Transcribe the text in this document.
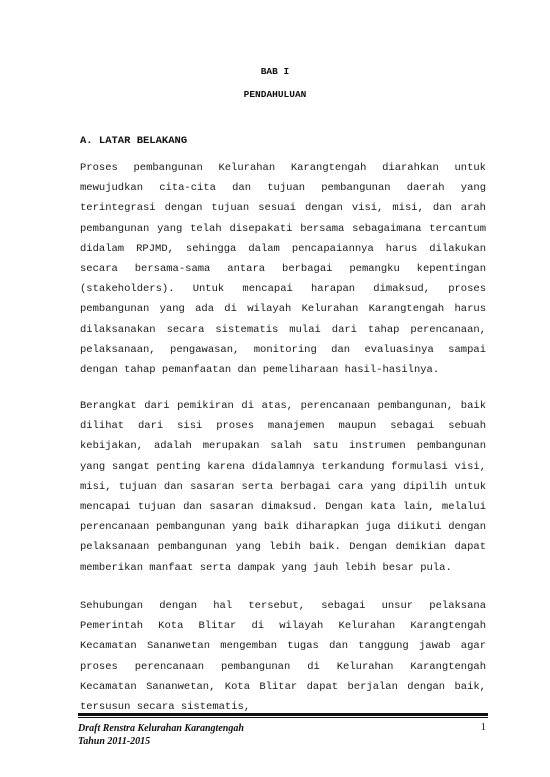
BAB I
PENDAHULUAN
A. LATAR BELAKANG

Proses pembangunan Kelurahan Karangtengah diarahkan untuk mewujudkan cita-cita dan tujuan pembangunan daerah yang terintegrasi dengan tujuan sesuai dengan visi, misi, dan arah pembangunan yang telah disepakati bersama sebagaimana tercantum didalam RPJMD, sehingga dalam pencapaiannya harus dilakukan secara bersama-sama antara berbagai pemangku kepentingan (stakeholders). Untuk mencapai harapan dimaksud, proses pembangunan yang ada di wilayah Kelurahan Karangtengah harus dilaksanakan secara sistematis mulai dari tahap perencanaan, pelaksanaan, pengawasan, monitoring dan evaluasinya sampai dengan tahap pemanfaatan dan pemeliharaan hasil-hasilnya.

Berangkat dari pemikiran di atas, perencanaan pembangunan, baik dilihat dari sisi proses manajemen maupun sebagai sebuah kebijakan, adalah merupakan salah satu instrumen pembangunan yang sangat penting karena didalamnya terkandung formulasi visi, misi, tujuan dan sasaran serta berbagai cara yang dipilih untuk mencapai tujuan dan sasaran dimaksud. Dengan kata lain, melalui perencanaan pembangunan yang baik diharapkan juga diikuti dengan pelaksanaan pembangunan yang lebih baik. Dengan demikian dapat memberikan manfaat serta dampak yang jauh lebih besar pula.

Sehubungan dengan hal tersebut, sebagai unsur pelaksana Pemerintah Kota Blitar di wilayah Kelurahan Karangtengah Kecamatan Sananwetan mengemban tugas dan tanggung jawab agar proses perencanaan pembangunan di Kelurahan Karangtengah Kecamatan Sananwetan, Kota Blitar dapat berjalan dengan baik, tersusun secara sistematis,

Draft Renstra Kelurahan Karangtengah
Tahun 2011-2015
1
